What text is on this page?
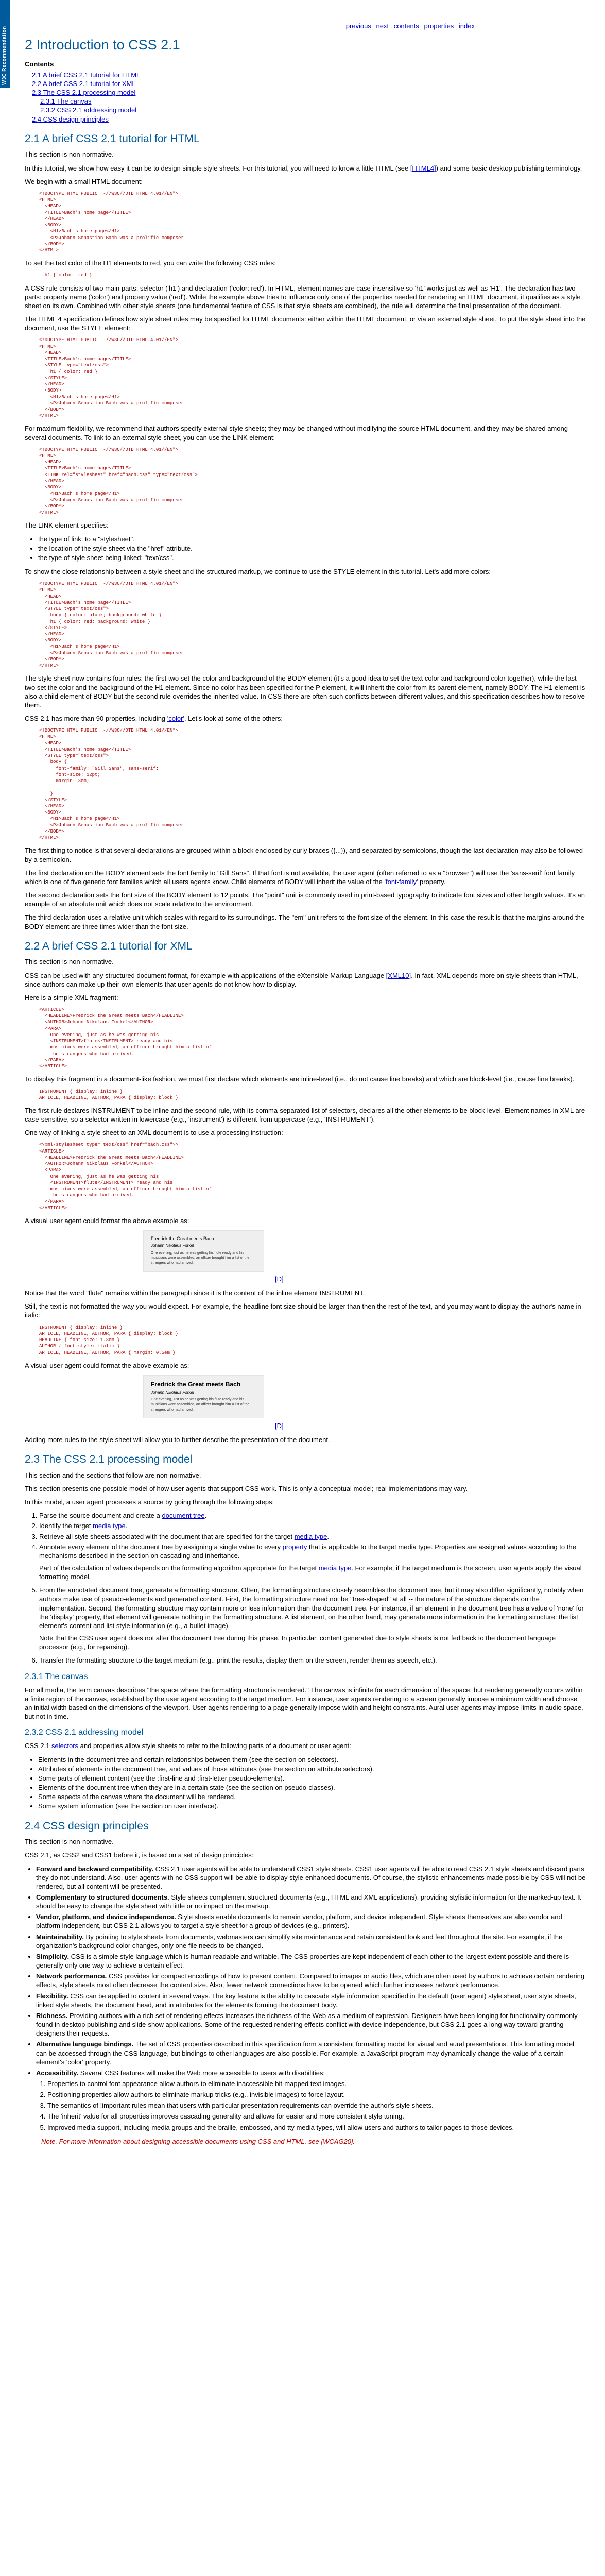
W3C Recommendation
previous next contents properties index
2 Introduction to CSS 2.1
Contents
2.1 A brief CSS 2.1 tutorial for HTML
2.2 A brief CSS 2.1 tutorial for XML
2.3 The CSS 2.1 processing model
2.3.1 The canvas
2.3.2 CSS 2.1 addressing model
2.4 CSS design principles
2.1 A brief CSS 2.1 tutorial for HTML

This section is non-normative.

In this tutorial, we show how easy it can be to design simple style sheets. For this tutorial, you will need to know a little HTML (see [HTML4]) and some basic desktop publishing terminology.

We begin with a small HTML document:

<!DOCTYPE HTML PUBLIC "-//W3C//DTD HTML 4.01//EN">
<HTML>
<HEAD>
<TITLE>Bach's home page</TITLE>
</HEAD>
<BODY>
<H1>Bach's home page</H1>
<P>Johann Sebastian Bach was a prolific composer.
</BODY>
</HTML>

To set the text color of the H1 elements to red, you can write the following CSS rules:

h1 { color: red }

A CSS rule consists of two main parts: selector ('h1') and declaration ('color: red'). In HTML, element names are case-insensitive so 'h1' works just as well as 'H1'. The declaration has two parts: property name ('color') and property value ('red'). While the example above tries to influence only one of the properties needed for rendering an HTML document, it qualifies as a style sheet on its own. Combined with other style sheets (one fundamental feature of CSS is that style sheets are combined), the rule will determine the final presentation of the document.

The HTML 4 specification defines how style sheet rules may be specified for HTML documents: either within the HTML document, or via an external style sheet. To put the style sheet into the document, use the STYLE element:

<!DOCTYPE HTML PUBLIC "-//W3C//DTD HTML 4.01//EN">
<HTML>
<HEAD>
<TITLE>Bach's home page</TITLE>
<STYLE type="text/css">
h1 { color: red }
</STYLE>
</HEAD>
<BODY>
<H1>Bach's home page</H1>
<P>Johann Sebastian Bach was a prolific composer.
</BODY>
</HTML>

For maximum flexibility, we recommend that authors specify external style sheets; they may be changed without modifying the source HTML document, and they may be shared among several documents. To link to an external style sheet, you can use the LINK element:

<!DOCTYPE HTML PUBLIC "-//W3C//DTD HTML 4.01//EN">
<HTML>
<HEAD>
<TITLE>Bach's home page</TITLE>
<LINK rel="stylesheet" href="bach.css" type="text/css">
</HEAD>
<BODY>
<H1>Bach's home page</H1>
<P>Johann Sebastian Bach was a prolific composer.
</BODY>
</HTML>

The LINK element specifies:

• the type of link: to a "stylesheet".
• the location of the style sheet via the "href" attribute.
• the type of style sheet being linked: "text/css".

To show the close relationship between a style sheet and the structured markup, we continue to use the STYLE element in this tutorial. Let's add more colors:

<!DOCTYPE HTML PUBLIC "-//W3C//DTD HTML 4.01//EN">
<HTML>
<HEAD>
<TITLE>Bach's home page</TITLE>
<STYLE type="text/css">
body { color: black; background: white }
h1 { color: red; background: white }
</STYLE>
</HEAD>
<BODY>
<H1>Bach's home page</H1>
<P>Johann Sebastian Bach was a prolific composer.
</BODY>
</HTML>

The style sheet now contains four rules: the first two set the color and background of the BODY element (it's a good idea to set the text color and background color together), while the last two set the color and the background of the H1 element. Since no color has been specified for the P element, it will inherit the color from its parent element, namely BODY. The H1 element is also a child element of BODY but the second rule overrides the inherited value. In CSS there are often such conflicts between different values, and this specification describes how to resolve them.

CSS 2.1 has more than 90 properties, including 'color'. Let's look at some of the others:

<!DOCTYPE HTML PUBLIC "-//W3C//DTD HTML 4.01//EN">
<HTML>
<HEAD>
<TITLE>Bach's home page</TITLE>
<STYLE type="text/css">
body {
font-family: "Gill Sans", sans-serif;
font-size: 12pt;
margin: 3em;

}
</STYLE>
</HEAD>
<BODY>
<H1>Bach's home page</H1>
<P>Johann Sebastian Bach was a prolific composer.
</BODY>
</HTML>

The first thing to notice is that several declarations are grouped within a block enclosed by curly braces ({...}), and separated by semicolons, though the last declaration may also be followed by a semicolon.

The first declaration on the BODY element sets the font family to "Gill Sans". If that font is not available, the user agent (often referred to as a "browser") will use the 'sans-serif' font family which is one of five generic font families which all users agents know. Child elements of BODY will inherit the value of the 'font-family' property.

The second declaration sets the font size of the BODY element to 12 points. The "point" unit is commonly used in print-based typography to indicate font sizes and other length values. It's an example of an absolute unit which does not scale relative to the environment.

The third declaration uses a relative unit which scales with regard to its surroundings. The "em" unit refers to the font size of the element. In this case the result is that the margins around the BODY element are three times wider than the font size.

2.2 A brief CSS 2.1 tutorial for XML

This section is non-normative.

CSS can be used with any structured document format, for example with applications of the eXtensible Markup Language [XML10]. In fact, XML depends more on style sheets than HTML, since authors can make up their own elements that user agents do not know how to display.

Here is a simple XML fragment:

<ARTICLE>
<HEADLINE>Fredrick the Great meets Bach</HEADLINE>
<AUTHOR>Johann Nikolaus Forkel</AUTHOR>
<PARA>
One evening, just as he was getting his
<INSTRUMENT>flute</INSTRUMENT> ready and his
musicians were assembled, an officer brought him a list of
the strangers who had arrived.
</PARA>
</ARTICLE>

To display this fragment in a document-like fashion, we must first declare which elements are inline-level (i.e., do not cause line breaks) and which are block-level (i.e., cause line breaks).

INSTRUMENT { display: inline }
ARTICLE, HEADLINE, AUTHOR, PARA { display: block }

The first rule declares INSTRUMENT to be inline and the second rule, with its comma-separated list of selectors, declares all the other elements to be block-level. Element names in XML are case-sensitive, so a selector written in lowercase (e.g., 'instrument') is different from uppercase (e.g., 'INSTRUMENT').

One way of linking a style sheet to an XML document is to use a processing instruction:

<?xml-stylesheet type="text/css" href="bach.css"?>
<ARTICLE>
<HEADLINE>Fredrick the Great meets Bach</HEADLINE>
<AUTHOR>Johann Nikolaus Forkel</AUTHOR>
<PARA>
One evening, just as he was getting his
<INSTRUMENT>flute</INSTRUMENT> ready and his
musicians were assembled, an officer brought him a list of
the strangers who had arrived.
</PARA>
</ARTICLE>

A visual user agent could format the above example as:

Fredrick the Great meets Bach

Johann Nikolaus Forkel

One evening, just as he was getting his flute ready and his musicians were assembled, an officer brought him a list of the strangers who had arrived.

[D]

Notice that the word "flute" remains within the paragraph since it is the content of the inline element INSTRUMENT.

Still, the text is not formatted the way you would expect. For example, the headline font size should be larger than then the rest of the text, and you may want to display the author's name in italic:

INSTRUMENT { display: inline }
ARTICLE, HEADLINE, AUTHOR, PARA { display: block }
HEADLINE { font-size: 1.3em }
AUTHOR { font-style: italic }
ARTICLE, HEADLINE, AUTHOR, PARA { margin: 0.5em }

A visual user agent could format the above example as:

Fredrick the Great meets Bach

Johann Nikolaus Forkel

One evening, just as he was getting his flute ready and his musicians were assembled, an officer brought him a list of the strangers who had arrived.

[D]

Adding more rules to the style sheet will allow you to further describe the presentation of the document.

2.3 The CSS 2.1 processing model

This section and the sections that follow are non-normative.

This section presents one possible model of how user agents that support CSS work. This is only a conceptual model; real implementations may vary.

In this model, a user agent processes a source by going through the following steps:

1. Parse the source document and create a document tree.
2. Identify the target media type.
3. Retrieve all style sheets associated with the document that are specified for the target media type.
4. Annotate every element of the document tree by assigning a single value to every property that is applicable to the target media type. Properties are assigned values according to the mechanisms described in the section on cascading and inheritance.

Part of the calculation of values depends on the formatting algorithm appropriate for the target media type. For example, if the target medium is the screen, user agents apply the visual formatting model.

5. From the annotated document tree, generate a formatting structure. Often, the formatting structure closely resembles the document tree, but it may also differ significantly, notably when authors make use of pseudo-elements and generated content. First, the formatting structure need not be "tree-shaped" at all -- the nature of the structure depends on the implementation. Second, the formatting structure may contain more or less information than the document tree. For instance, if an element in the document tree has a value of 'none' for the 'display' property, that element will generate nothing in the formatting structure. A list element, on the other hand, may generate more information in the formatting structure: the list element's content and list style information (e.g., a bullet image).

Note that the CSS user agent does not alter the document tree during this phase. In particular, content generated due to style sheets is not fed back to the document language processor (e.g., for reparsing).

6. Transfer the formatting structure to the target medium (e.g., print the results, display them on the screen, render them as speech, etc.).
2.3.1 The canvas

For all media, the term canvas describes "the space where the formatting structure is rendered." The canvas is infinite for each dimension of the space, but rendering generally occurs within a finite region of the canvas, established by the user agent according to the target medium. For instance, user agents rendering to a screen generally impose a minimum width and choose an initial width based on the dimensions of the viewport. User agents rendering to a page generally impose width and height constraints. Aural user agents may impose limits in audio space, but not in time.

2.3.2 CSS 2.1 addressing model

CSS 2.1 selectors and properties allow style sheets to refer to the following parts of a document or user agent:

• Elements in the document tree and certain relationships between them (see the section on selectors).
• Attributes of elements in the document tree, and values of those attributes (see the section on attribute selectors).
• Some parts of element content (see the :first-line and :first-letter pseudo-elements).
• Elements of the document tree when they are in a certain state (see the section on pseudo-classes).
• Some aspects of the canvas where the document will be rendered.
• Some system information (see the section on user interface).
2.4 CSS design principles

This section is non-normative.

CSS 2.1, as CSS2 and CSS1 before it, is based on a set of design principles:

• Forward and backward compatibility. CSS 2.1 user agents will be able to understand CSS1 style sheets. CSS1 user agents will be able to read CSS 2.1 style sheets and discard parts they do not understand. Also, user agents with no CSS support will be able to display style-enhanced documents. Of course, the stylistic enhancements made possible by CSS will not be rendered, but all content will be presented.
• Complementary to structured documents. Style sheets complement structured documents (e.g., HTML and XML applications), providing stylistic information for the marked-up text. It should be easy to change the style sheet with little or no impact on the markup.
• Vendor, platform, and device independence. Style sheets enable documents to remain vendor, platform, and device independent. Style sheets themselves are also vendor and platform independent, but CSS 2.1 allows you to target a style sheet for a group of devices (e.g., printers).
• Maintainability. By pointing to style sheets from documents, webmasters can simplify site maintenance and retain consistent look and feel throughout the site. For example, if the organization's background color changes, only one file needs to be changed.
• Simplicity. CSS is a simple style language which is human readable and writable. The CSS properties are kept independent of each other to the largest extent possible and there is generally only one way to achieve a certain effect.
• Network performance. CSS provides for compact encodings of how to present content. Compared to images or audio files, which are often used by authors to achieve certain rendering effects, style sheets most often decrease the content size. Also, fewer network connections have to be opened which further increases network performance.
• Flexibility. CSS can be applied to content in several ways. The key feature is the ability to cascade style information specified in the default (user agent) style sheet, user style sheets, linked style sheets, the document head, and in attributes for the elements forming the document body.
• Richness. Providing authors with a rich set of rendering effects increases the richness of the Web as a medium of expression. Designers have been longing for functionality commonly found in desktop publishing and slide-show applications. Some of the requested rendering effects conflict with device independence, but CSS 2.1 goes a long way toward granting designers their requests.
• Alternative language bindings. The set of CSS properties described in this specification form a consistent formatting model for visual and aural presentations. This formatting model can be accessed through the CSS language, but bindings to other languages are also possible. For example, a JavaScript program may dynamically change the value of a certain element's 'color' property.
• Accessibility. Several CSS features will make the Web more accessible to users with disabilities:
1. Properties to control font appearance allow authors to eliminate inaccessible bit-mapped text images.
2. Positioning properties allow authors to eliminate markup tricks (e.g., invisible images) to force layout.
3. The semantics of !important rules mean that users with particular presentation requirements can override the author's style sheets.
4. The 'inherit' value for all properties improves cascading generality and allows for easier and more consistent style tuning.
5. Improved media support, including media groups and the braille, embossed, and tty media types, will allow users and authors to tailor pages to those devices.

Note. For more information about designing accessible documents using CSS and HTML, see [WCAG20].
